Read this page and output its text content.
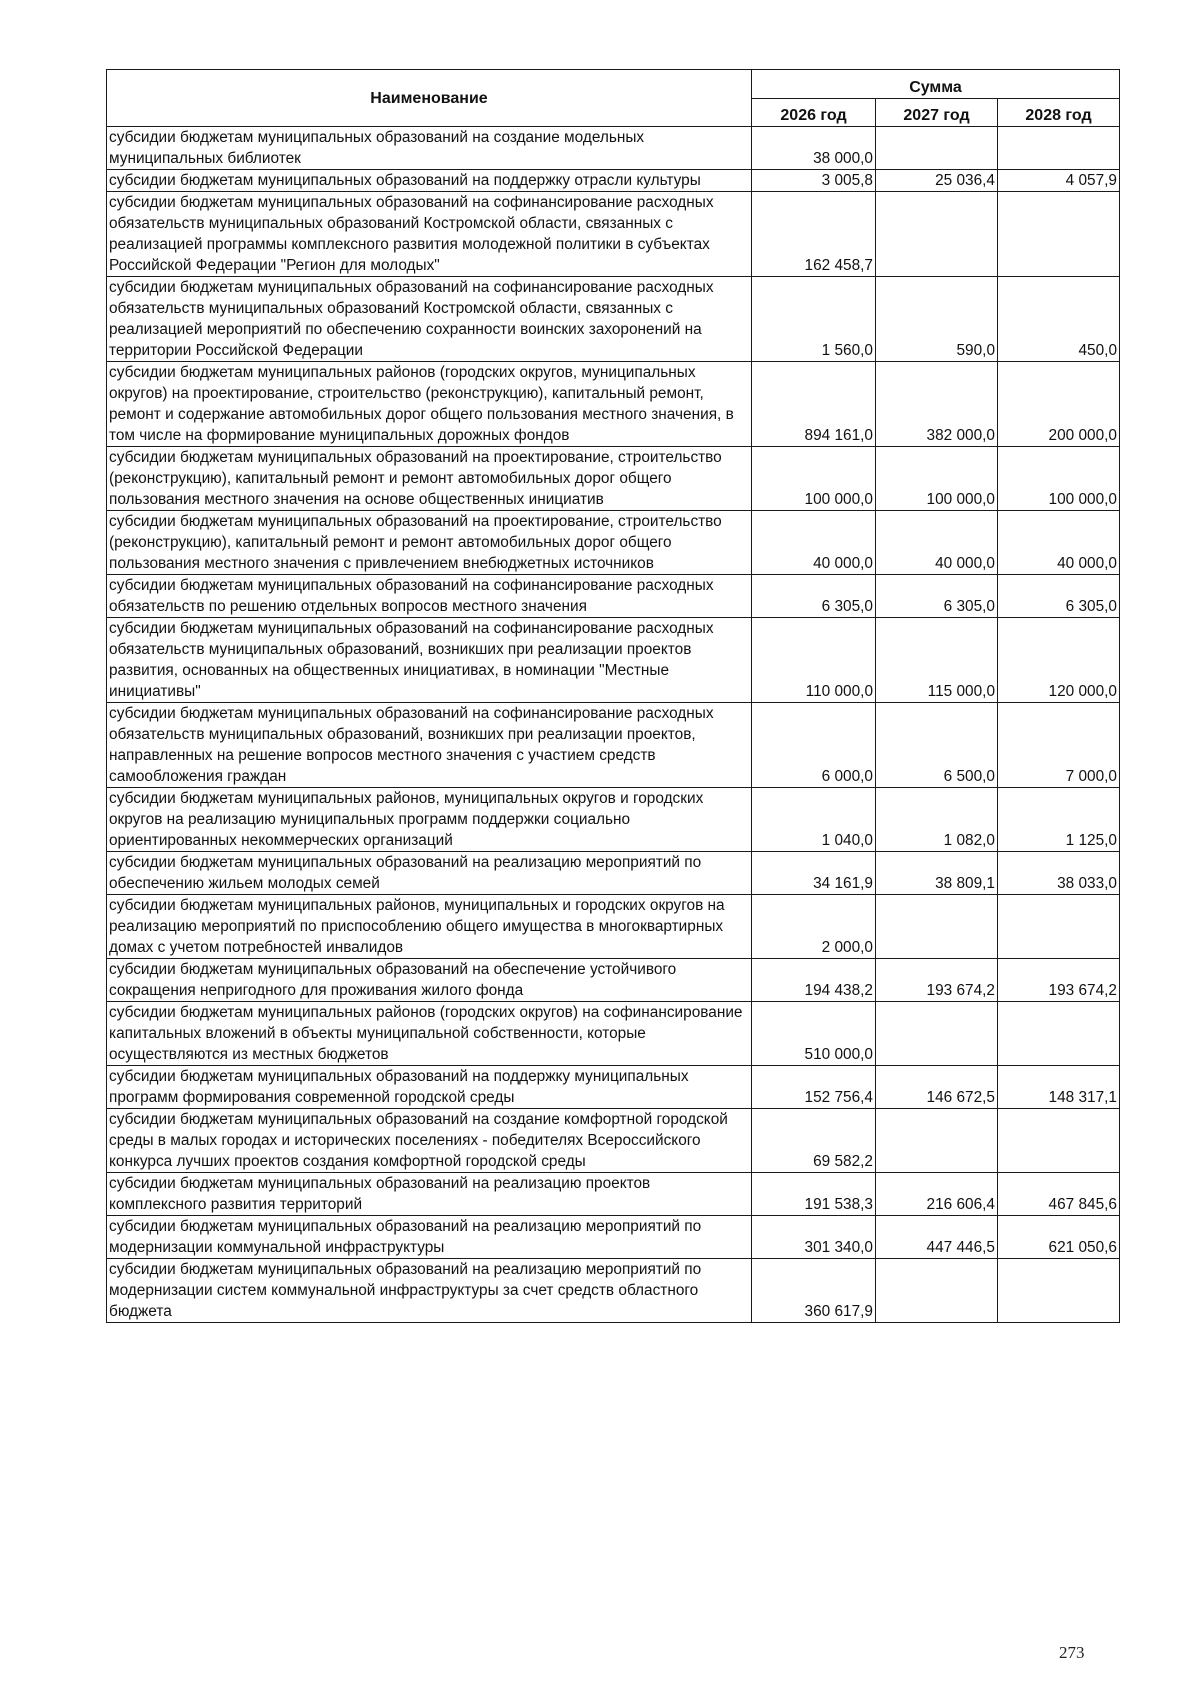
Наименование	Сумма		
	2026 год	2027 год	2028 год
субсидии бюджетам муниципальных образований на создание модельных муниципальных библиотек	38 000,0		
субсидии бюджетам муниципальных образований на поддержку отрасли культуры	3 005,8	25 036,4	4 057,9
субсидии бюджетам муниципальных образований на софинансирование расходных обязательств муниципальных образований Костромской области, связанных с реализацией программы комплексного развития молодежной политики в субъектах Российской Федерации "Регион для молодых"	162 458,7		
субсидии бюджетам муниципальных образований на софинансирование расходных обязательств муниципальных образований Костромской области, связанных с реализацией мероприятий по обеспечению сохранности воинских захоронений на территории Российской Федерации	1 560,0	590,0	450,0
субсидии бюджетам муниципальных районов (городских округов, муниципальных округов) на проектирование, строительство (реконструкцию), капитальный ремонт, ремонт и содержание автомобильных дорог общего пользования местного значения, в том числе на формирование муниципальных дорожных фондов	894 161,0	382 000,0	200 000,0
субсидии бюджетам муниципальных образований на проектирование, строительство (реконструкцию), капитальный ремонт и ремонт автомобильных дорог общего пользования местного значения на основе общественных инициатив	100 000,0	100 000,0	100 000,0
субсидии бюджетам муниципальных образований на проектирование, строительство (реконструкцию), капитальный ремонт и ремонт автомобильных дорог общего пользования местного значения с привлечением внебюджетных источников	40 000,0	40 000,0	40 000,0
субсидии бюджетам муниципальных образований на софинансирование расходных обязательств по решению отдельных вопросов местного значения	6 305,0	6 305,0	6 305,0
субсидии бюджетам муниципальных образований на софинансирование расходных обязательств муниципальных образований, возникших при реализации проектов развития, основанных на общественных инициативах, в номинации "Местные инициативы"	110 000,0	115 000,0	120 000,0
субсидии бюджетам муниципальных образований на софинансирование расходных обязательств муниципальных образований, возникших при реализации проектов, направленных на решение вопросов местного значения с участием средств самообложения граждан	6 000,0	6 500,0	7 000,0
субсидии бюджетам муниципальных районов, муниципальных округов и городских округов на реализацию муниципальных программ поддержки социально ориентированных некоммерческих организаций	1 040,0	1 082,0	1 125,0
субсидии бюджетам муниципальных образований на реализацию мероприятий по обеспечению жильем молодых семей	34 161,9	38 809,1	38 033,0
субсидии бюджетам муниципальных районов, муниципальных и городских округов на реализацию мероприятий по приспособлению общего имущества в многоквартирных домах с учетом потребностей инвалидов	2 000,0		
субсидии бюджетам муниципальных образований на обеспечение устойчивого сокращения непригодного для проживания жилого фонда	194 438,2	193 674,2	193 674,2
субсидии бюджетам муниципальных районов (городских округов) на софинансирование капитальных вложений в объекты муниципальной собственности, которые осуществляются из местных бюджетов	510 000,0		
субсидии бюджетам муниципальных образований на поддержку муниципальных программ формирования современной городской среды	152 756,4	146 672,5	148 317,1
субсидии бюджетам муниципальных образований на создание комфортной городской среды в малых городах и исторических поселениях - победителях Всероссийского конкурса лучших проектов создания комфортной городской среды	69 582,2		
субсидии бюджетам муниципальных образований на реализацию проектов комплексного развития территорий	191 538,3	216 606,4	467 845,6
субсидии бюджетам муниципальных образований на реализацию мероприятий по модернизации коммунальной инфраструктуры	301 340,0	447 446,5	621 050,6
субсидии бюджетам муниципальных образований на реализацию мероприятий по модернизации систем коммунальной инфраструктуры за счет средств областного бюджета	360 617,9		
273
